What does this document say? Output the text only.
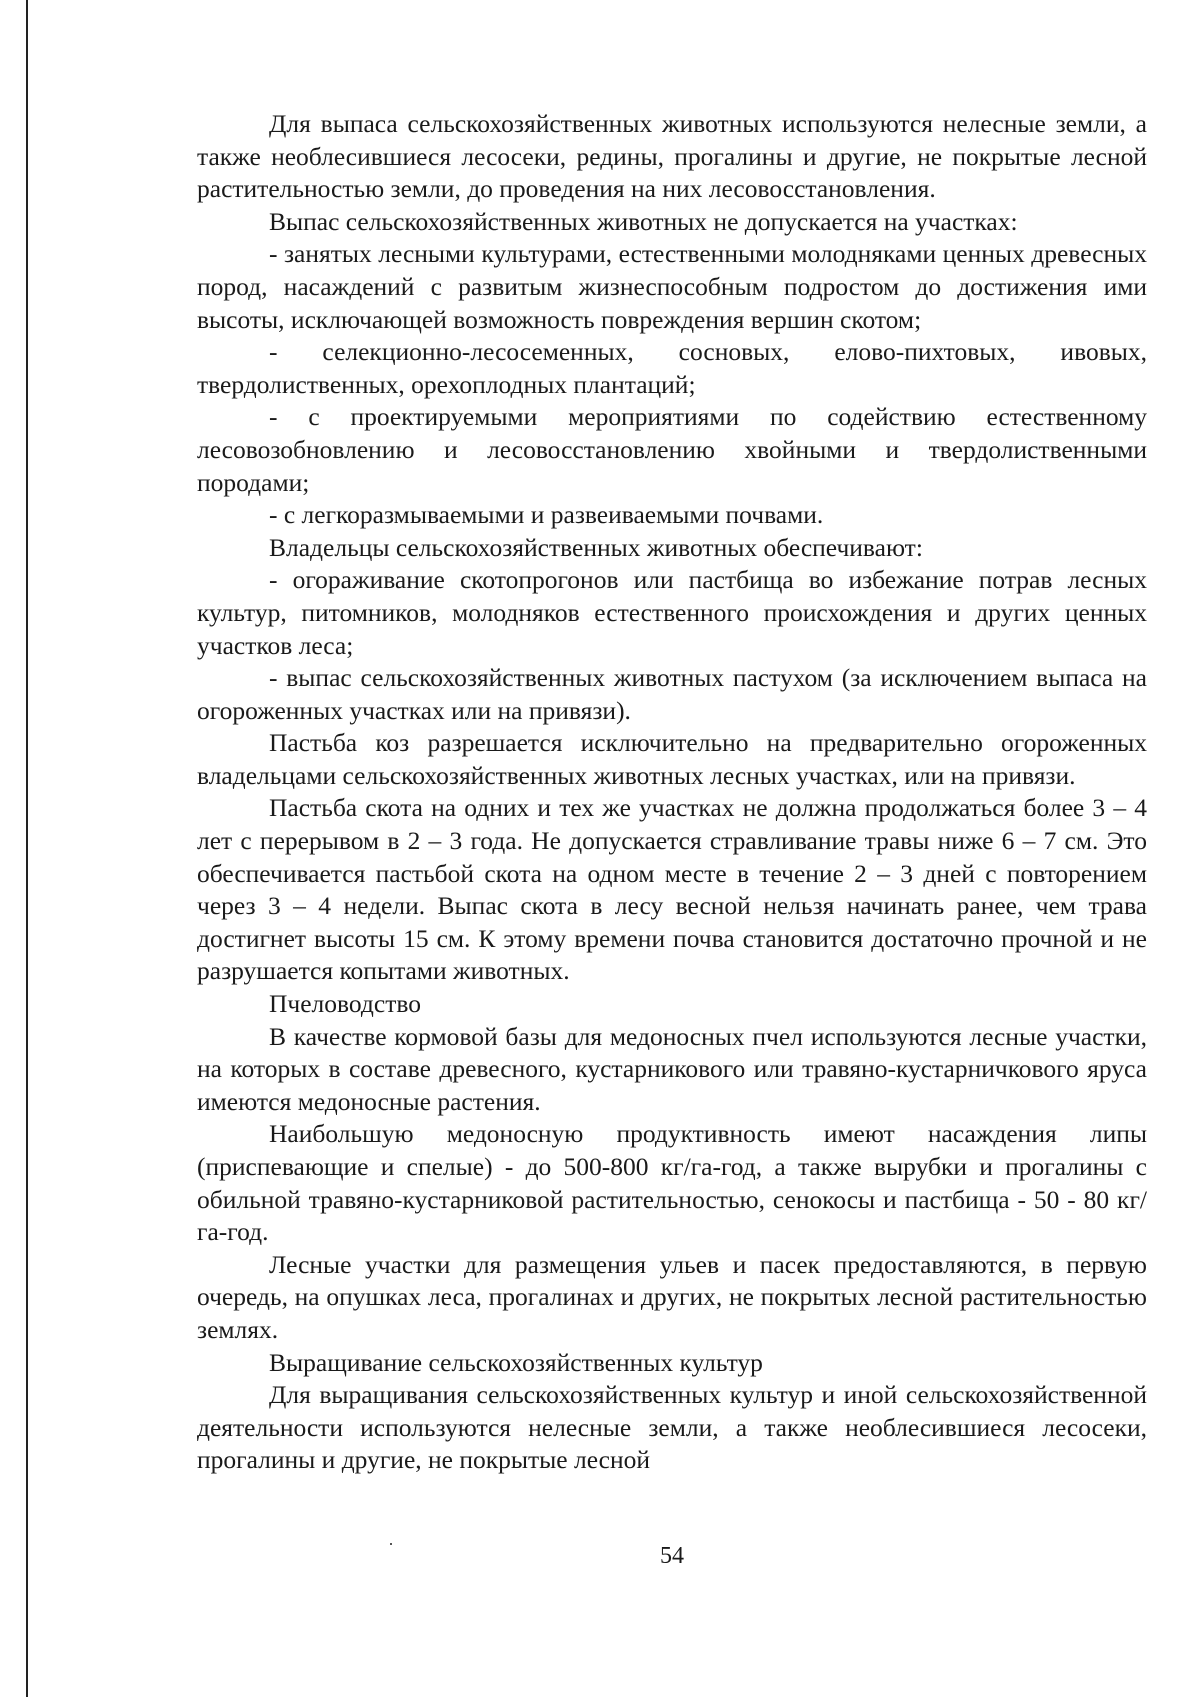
Для выпаса сельскохозяйственных животных используются нелесные земли, а также необлесившиеся лесосеки, редины, прогалины и другие, не покрытые лесной растительностью земли, до проведения на них лесовосстановления.

Выпас сельскохозяйственных животных не допускается на участках:

- занятых лесными культурами, естественными молодняками ценных древесных пород, насаждений с развитым жизнеспособным подростом до достижения ими высоты, исключающей возможность повреждения вершин скотом;

- селекционно-лесосеменных, сосновых, елово-пихтовых, ивовых, твердолиственных, орехоплодных плантаций;

- с проектируемыми мероприятиями по содействию естественному лесовозобновлению и лесовосстановлению хвойными и твердолиственными породами;

- с легкоразмываемыми и развеиваемыми почвами.

Владельцы сельскохозяйственных животных обеспечивают:

- огораживание скотопрогонов или пастбища во избежание потрав лесных культур, питомников, молодняков естественного происхождения и других ценных участков леса;

- выпас сельскохозяйственных животных пастухом (за исключением выпаса на огороженных участках или на привязи).

Пастьба коз разрешается исключительно на предварительно огороженных владельцами сельскохозяйственных животных лесных участках, или на привязи.

Пастьба скота на одних и тех же участках не должна продолжаться более 3 – 4 лет с перерывом в 2 – 3 года. Не допускается стравливание травы ниже 6 – 7 см. Это обеспечивается пастьбой скота на одном месте в течение 2 – 3 дней с повторением через 3 – 4 недели. Выпас скота в лесу весной нельзя начинать ранее, чем трава достигнет высоты 15 см. К этому времени почва становится достаточно прочной и не разрушается копытами животных.

Пчеловодство

В качестве кормовой базы для медоносных пчел используются лесные участки, на которых в составе древесного, кустарникового или травяно-кустарничкового яруса имеются медоносные растения.

Наибольшую медоносную продуктивность имеют насаждения липы (приспевающие и спелые) - до 500-800 кг/га-год, а также вырубки и прогалины с обильной травяно-кустарниковой растительностью, сенокосы и пастбища - 50 - 80 кг/га-год.

Лесные участки для размещения ульев и пасек предоставляются, в первую очередь, на опушках леса, прогалинах и других, не покрытых лесной растительностью землях.

Выращивание сельскохозяйственных культур

Для выращивания сельскохозяйственных культур и иной сельскохозяйственной деятельности используются нелесные земли, а также необлесившиеся лесосеки, прогалины и другие, не покрытые лесной

54
